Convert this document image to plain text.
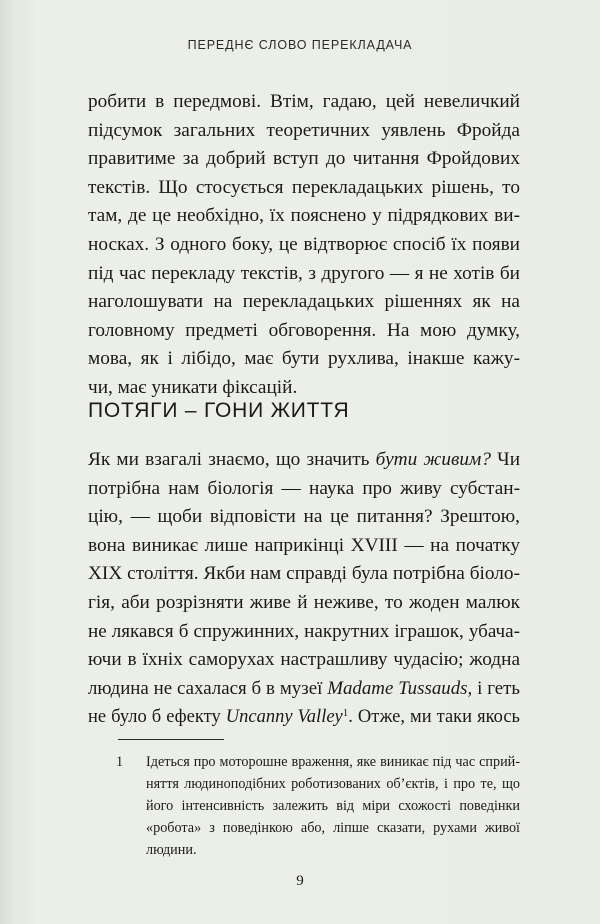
ПЕРЕДНЄ СЛОВО ПЕРЕКЛАДАЧА
робити в передмові. Втім, гадаю, цей невеличкий
підсумок загальних теоретичних уявлень Фройда
правитиме за добрий вступ до читання Фройдових
текстів. Що стосується перекладацьких рішень, то
там, де це необхідно, їх пояснено у підрядкових ви-
носках. З одного боку, це відтворює спосіб їх появи
під час перекладу текстів, з другого — я не хотів би
наголошувати на перекладацьких рішеннях як на
головному предметі обговорення. На мою думку,
мова, як і лібідо, має бути рухлива, інакше кажу-
чи, має уникати фіксацій.
ПОТЯГИ – ГОНИ ЖИТТЯ
Як ми взагалі знаємо, що значить бути живим? Чи
потрібна нам біологія — наука про живу субстан-
цію, — щоби відповісти на це питання? Зрештою,
вона виникає лише наприкінці XVIII — на початку
XIX століття. Якби нам справді була потрібна біоло-
гія, аби розрізняти живе й неживе, то жоден малюк
не лякався б спружинних, накрутних іграшок, убача-
ючи в їхніх саморухах настрашливу чудасію; жодна
людина не сахалася б в музеї Madame Tussauds, і геть
не було б ефекту Uncanny Valley$^1$. Отже, ми таки якось
1 Ідеться про моторошне враження, яке виникає під час сприй-
няття людиноподібних роботизованих об’єктів, і про те, що
його інтенсивність залежить від міри схожості поведінки
«робота» з поведінкою або, ліпше сказати, рухами живої
людини.
9
